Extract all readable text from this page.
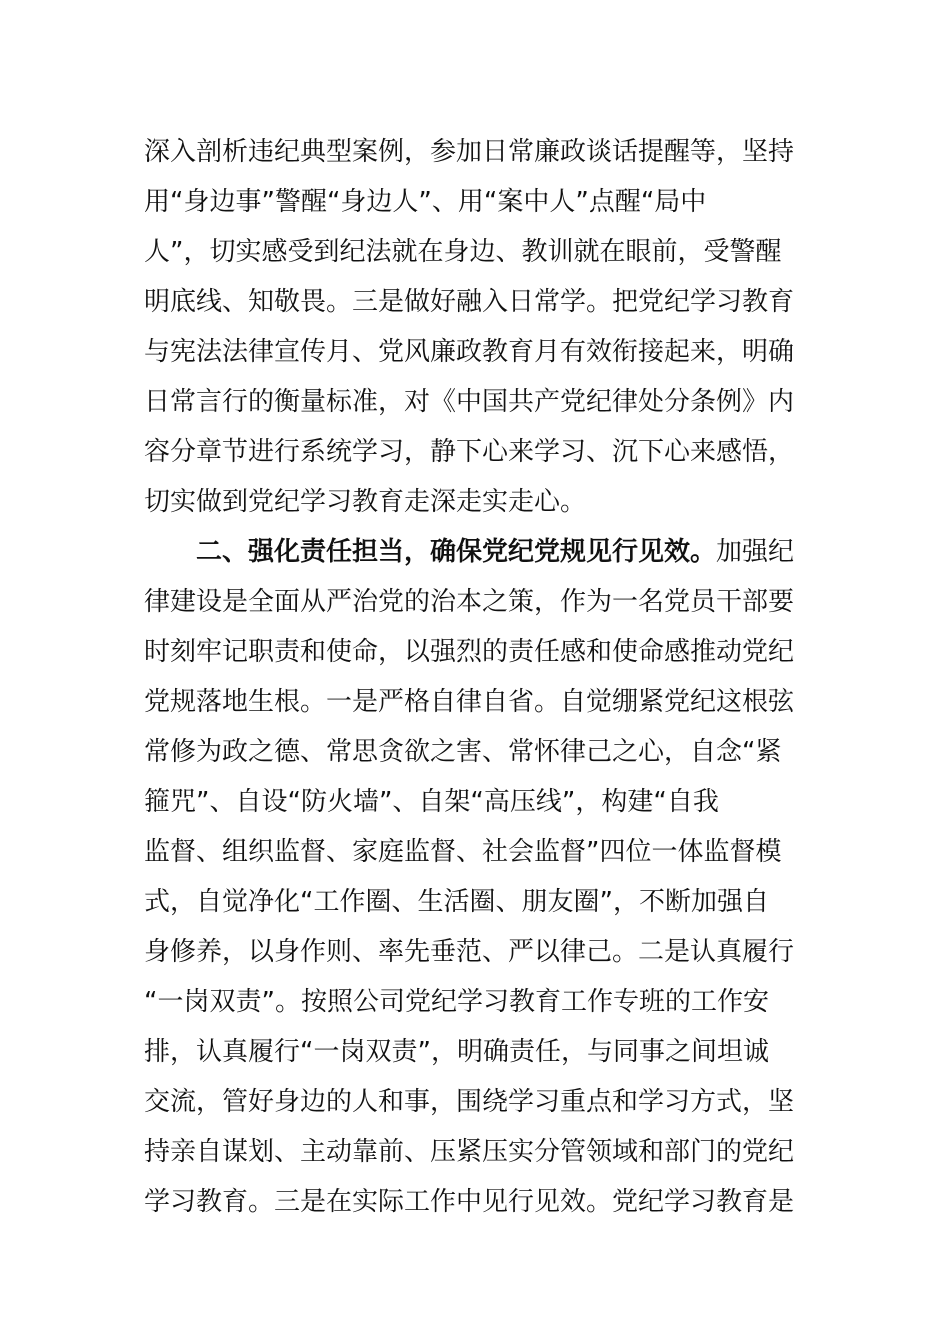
深入剖析违纪典型案例，参加日常廉政谈话提醒等，坚持
用“身边事”警醒“身边人”、用“案中人”点醒“局中
人”，切实感受到纪法就在身边、教训就在眼前，受警醒
明底线、知敬畏。三是做好融入日常学。把党纪学习教育
与宪法法律宣传月、党风廉政教育月有效衔接起来，明确
日常言行的衡量标准，对《中国共产党纪律处分条例》内
容分章节进行系统学习，静下心来学习、沉下心来感悟，
切实做到党纪学习教育走深走实走心。
二、强化责任担当，确保党纪党规见行见效。加强纪
律建设是全面从严治党的治本之策，作为一名党员干部要
时刻牢记职责和使命，以强烈的责任感和使命感推动党纪
党规落地生根。一是严格自律自省。自觉绷紧党纪这根弦
常修为政之德、常思贪欲之害、常怀律己之心，自念“紧
箍咒”、自设“防火墙”、自架“高压线”，构建“自我
监督、组织监督、家庭监督、社会监督”四位一体监督模
式，自觉净化“工作圈、生活圈、朋友圈”，不断加强自
身修养，以身作则、率先垂范、严以律己。二是认真履行
“一岗双责”。按照公司党纪学习教育工作专班的工作安
排，认真履行“一岗双责”，明确责任，与同事之间坦诚
交流，管好身边的人和事，围绕学习重点和学习方式，坚
持亲自谋划、主动靠前、压紧压实分管领域和部门的党纪
学习教育。三是在实际工作中见行见效。党纪学习教育是
